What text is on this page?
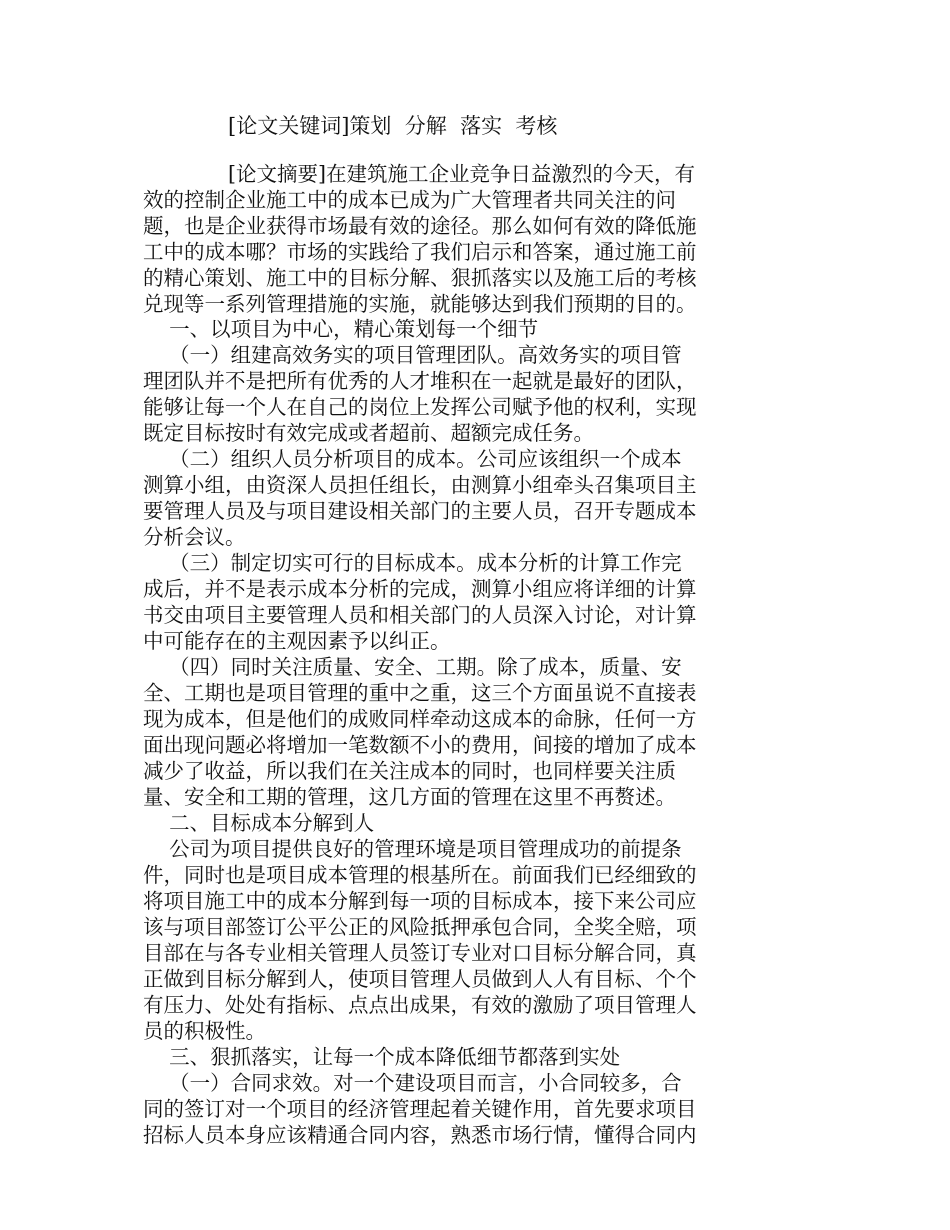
[论文关键词]策划  分解  落实  考核
[论文摘要]在建筑施工企业竞争日益激烈的今天，有
效的控制企业施工中的成本已成为广大管理者共同关注的问
题，也是企业获得市场最有效的途径。那么如何有效的降低施
工中的成本哪？市场的实践给了我们启示和答案，通过施工前
的精心策划、施工中的目标分解、狠抓落实以及施工后的考核
兑现等一系列管理措施的实施，就能够达到我们预期的目的。
一、以项目为中心，精心策划每一个细节
（一）组建高效务实的项目管理团队。高效务实的项目管
理团队并不是把所有优秀的人才堆积在一起就是最好的团队，
能够让每一个人在自己的岗位上发挥公司赋予他的权利，实现
既定目标按时有效完成或者超前、超额完成任务。
（二）组织人员分析项目的成本。公司应该组织一个成本
测算小组，由资深人员担任组长，由测算小组牵头召集项目主
要管理人员及与项目建设相关部门的主要人员，召开专题成本
分析会议。
（三）制定切实可行的目标成本。成本分析的计算工作完
成后，并不是表示成本分析的完成，测算小组应将详细的计算
书交由项目主要管理人员和相关部门的人员深入讨论，对计算
中可能存在的主观因素予以纠正。
（四）同时关注质量、安全、工期。除了成本，质量、安
全、工期也是项目管理的重中之重，这三个方面虽说不直接表
现为成本，但是他们的成败同样牵动这成本的命脉，任何一方
面出现问题必将增加一笔数额不小的费用，间接的增加了成本
减少了收益，所以我们在关注成本的同时，也同样要关注质
量、安全和工期的管理，这几方面的管理在这里不再赘述。
二、目标成本分解到人
公司为项目提供良好的管理环境是项目管理成功的前提条
件，同时也是项目成本管理的根基所在。前面我们已经细致的
将项目施工中的成本分解到每一项的目标成本，接下来公司应
该与项目部签订公平公正的风险抵押承包合同，全奖全赔，项
目部在与各专业相关管理人员签订专业对口目标分解合同，真
正做到目标分解到人，使项目管理人员做到人人有目标、个个
有压力、处处有指标、点点出成果，有效的激励了项目管理人
员的积极性。
三、狠抓落实，让每一个成本降低细节都落到实处
（一）合同求效。对一个建设项目而言，小合同较多，合
同的签订对一个项目的经济管理起着关键作用，首先要求项目
招标人员本身应该精通合同内容，熟悉市场行情，懂得合同内
